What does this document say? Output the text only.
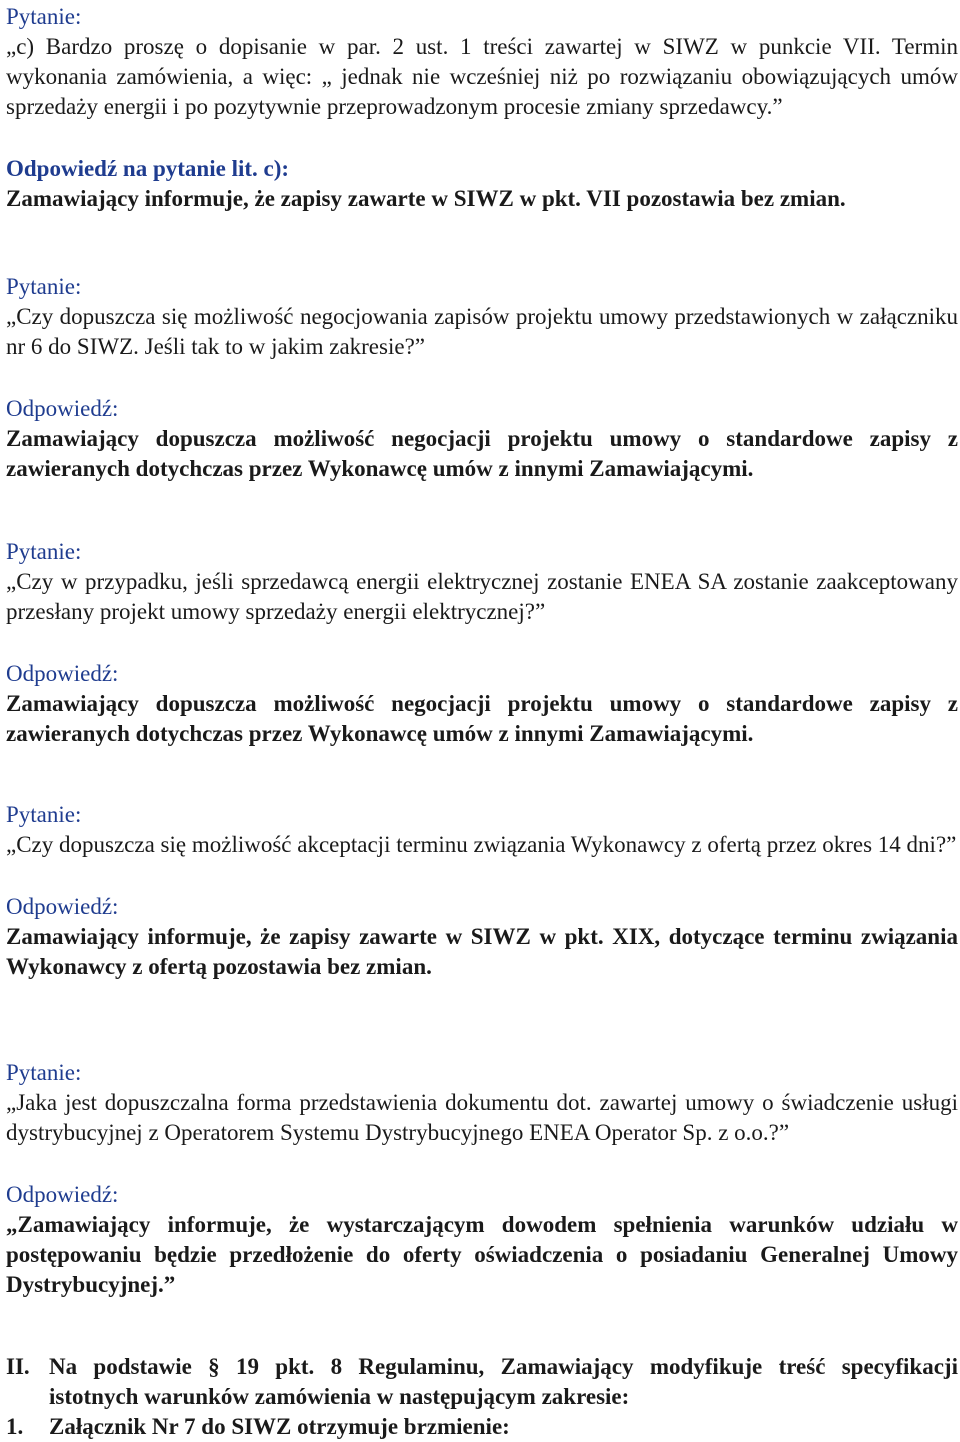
Pytanie:

„c) Bardzo proszę o dopisanie w par. 2 ust. 1 treści zawartej w SIWZ w punkcie VII. Termin wykonania zamówienia, a więc: „ jednak nie wcześniej niż po rozwiązaniu obowiązujących umów sprzedaży energii i po pozytywnie przeprowadzonym procesie zmiany sprzedawcy.”

Odpowiedź na pytanie lit. c):

Zamawiający informuje, że zapisy zawarte w SIWZ w pkt. VII pozostawia bez zmian.

Pytanie:

„Czy dopuszcza się możliwość negocjowania zapisów projektu umowy przedstawionych w załączniku nr 6 do SIWZ. Jeśli tak to w jakim zakresie?”

Odpowiedź:

Zamawiający dopuszcza możliwość negocjacji projektu umowy o standardowe zapisy z zawieranych dotychczas przez Wykonawcę umów z innymi Zamawiającymi.

Pytanie:

„Czy w przypadku, jeśli sprzedawcą energii elektrycznej zostanie ENEA SA zostanie zaakceptowany przesłany projekt umowy sprzedaży energii elektrycznej?”

Odpowiedź:

Zamawiający dopuszcza możliwość negocjacji projektu umowy o standardowe zapisy z zawieranych dotychczas przez Wykonawcę umów z innymi Zamawiającymi.

Pytanie:

„Czy dopuszcza się możliwość akceptacji terminu związania Wykonawcy z ofertą przez okres 14 dni?”

Odpowiedź:

Zamawiający informuje, że zapisy zawarte w SIWZ w pkt. XIX, dotyczące terminu związania Wykonawcy z ofertą pozostawia bez zmian.

Pytanie:

„Jaka jest dopuszczalna forma przedstawienia dokumentu dot. zawartej umowy o świadczenie usługi dystrybucyjnej z Operatorem Systemu Dystrybucyjnego ENEA Operator Sp. z o.o.?”

Odpowiedź:

„Zamawiający informuje, że wystarczającym dowodem spełnienia warunków udziału w postępowaniu będzie przedłożenie do oferty oświadczenia o posiadaniu Generalnej Umowy Dystrybucyjnej.”

II. Na podstawie § 19 pkt. 8 Regulaminu, Zamawiający modyfikuje treść specyfikacji
istotnych warunków zamówienia w następującym zakresie:
1.	Załącznik Nr 7 do SIWZ otrzymuje brzmienie:
